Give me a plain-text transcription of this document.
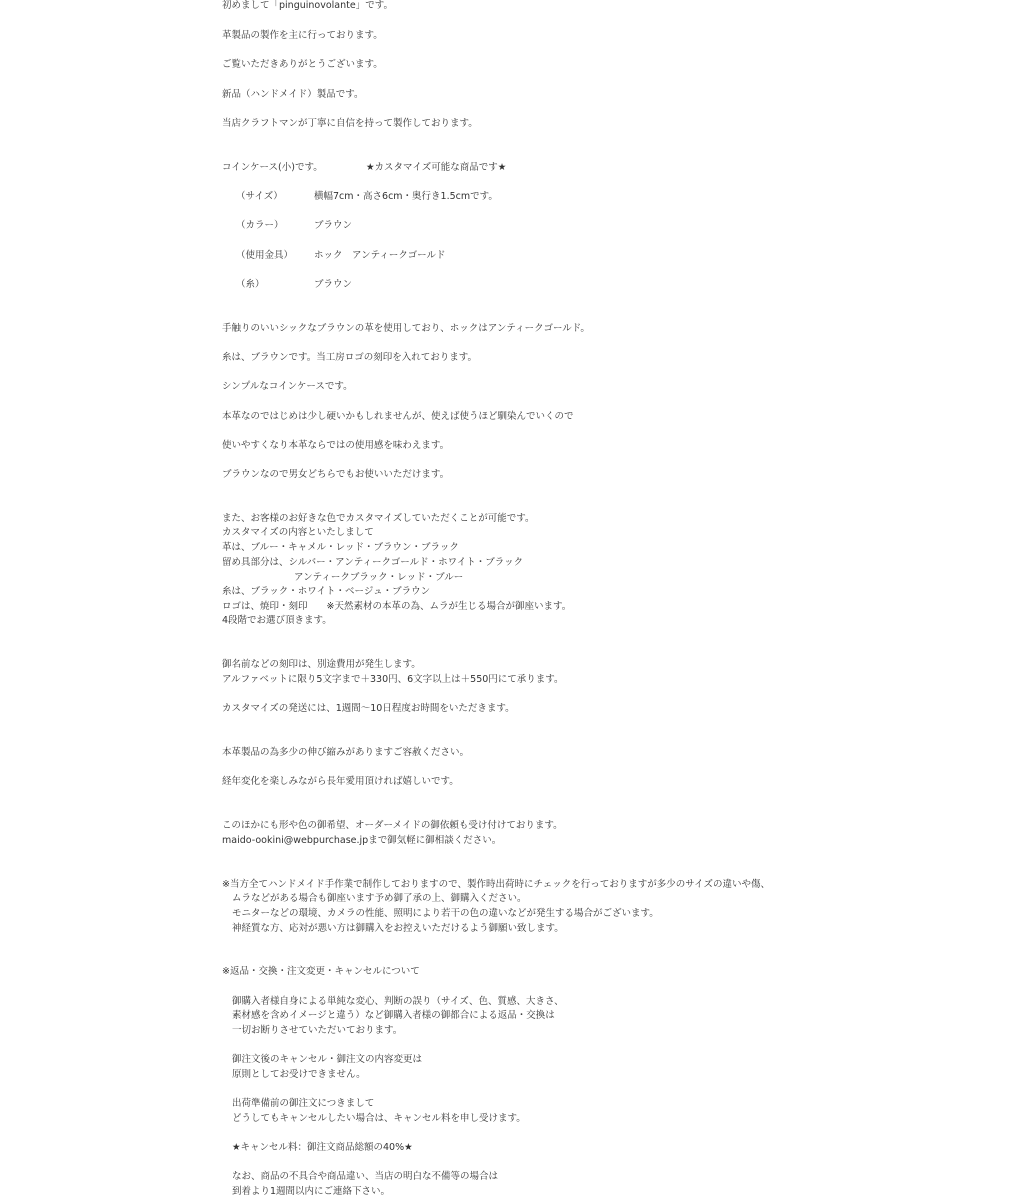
初めまして「pinguinovolante」です。

革製品の製作を主に行っております。

ご覧いただきありがとうございます。

新品（ハンドメイド）製品です。

当店クラフトマンが丁寧に自信を持って製作しております。

コインケース(小)です。	★カスタマイズ可能な商品です★

（サイズ）	横幅7cm・高さ6cm・奥行き1.5cmです。

（カラー）	ブラウン

（使用金具） ホック　アンティークゴールド

（糸）	ブラウン

手触りのいいシックなブラウンの革を使用しており、ホックはアンティークゴールド。

糸は、ブラウンです。当工房ロゴの刻印を入れております。

シンプルなコインケースです。

本革なのではじめは少し硬いかもしれませんが、使えば使うほど馴染んでいくので

使いやすくなり本革ならではの使用感を味わえます。

ブラウンなので男女どちらでもお使いいただけます。

また、お客様のお好きな色でカスタマイズしていただくことが可能です。

カスタマイズの内容といたしまして

革は、ブルー・キャメル・レッド・ブラウン・ブラック

留め具部分は、シルバー・アンティークゴールド・ホワイト・ブラック

アンティークブラック・レッド・ブルー

糸は、ブラック・ホワイト・ベージュ・ブラウン

ロゴは、焼印・刻印　　※天然素材の本革の為、ムラが生じる場合が御座います。

4段階でお選び頂きます。

御名前などの刻印は、別途費用が発生します。

アルファベットに限り5文字まで＋330円、6文字以上は＋550円にて承ります。

カスタマイズの発送には、1週間〜10日程度お時間をいただきます。

本革製品の為多少の伸び縮みがありますご容赦ください。

経年変化を楽しみながら長年愛用頂ければ嬉しいです。

このほかにも形や色の御希望、オーダーメイドの御依頼も受け付けております。

maido-ookini@webpurchase.jpまで御気軽に御相談ください。

※当方全てハンドメイド手作業で制作しておりますので、製作時出荷時にチェックを行っておりますが多少のサイズの違いや傷、

ムラなどがある場合も御座います予め御了承の上、御購入ください。

モニターなどの環境、カメラの性能、照明により若干の色の違いなどが発生する場合がございます。

神経質な方、応対が悪い方は御購入をお控えいただけるよう御願い致します。

※返品・交換・注文変更・キャンセルについて

御購入者様自身による単純な変心、判断の誤り（サイズ、色、質感、大きさ、

素材感を含めイメージと違う）など御購入者様の御都合による返品・交換は

一切お断りさせていただいております。

御注文後のキャンセル・御注文の内容変更は

原則としてお受けできません。

出荷準備前の御注文につきまして

どうしてもキャンセルしたい場合は、キャンセル料を申し受けます。

★キャンセル料：御注文商品総額の40%★

なお、商品の不具合や商品違い、当店の明白な不備等の場合は

到着より1週間以内にご連絡下さい。
